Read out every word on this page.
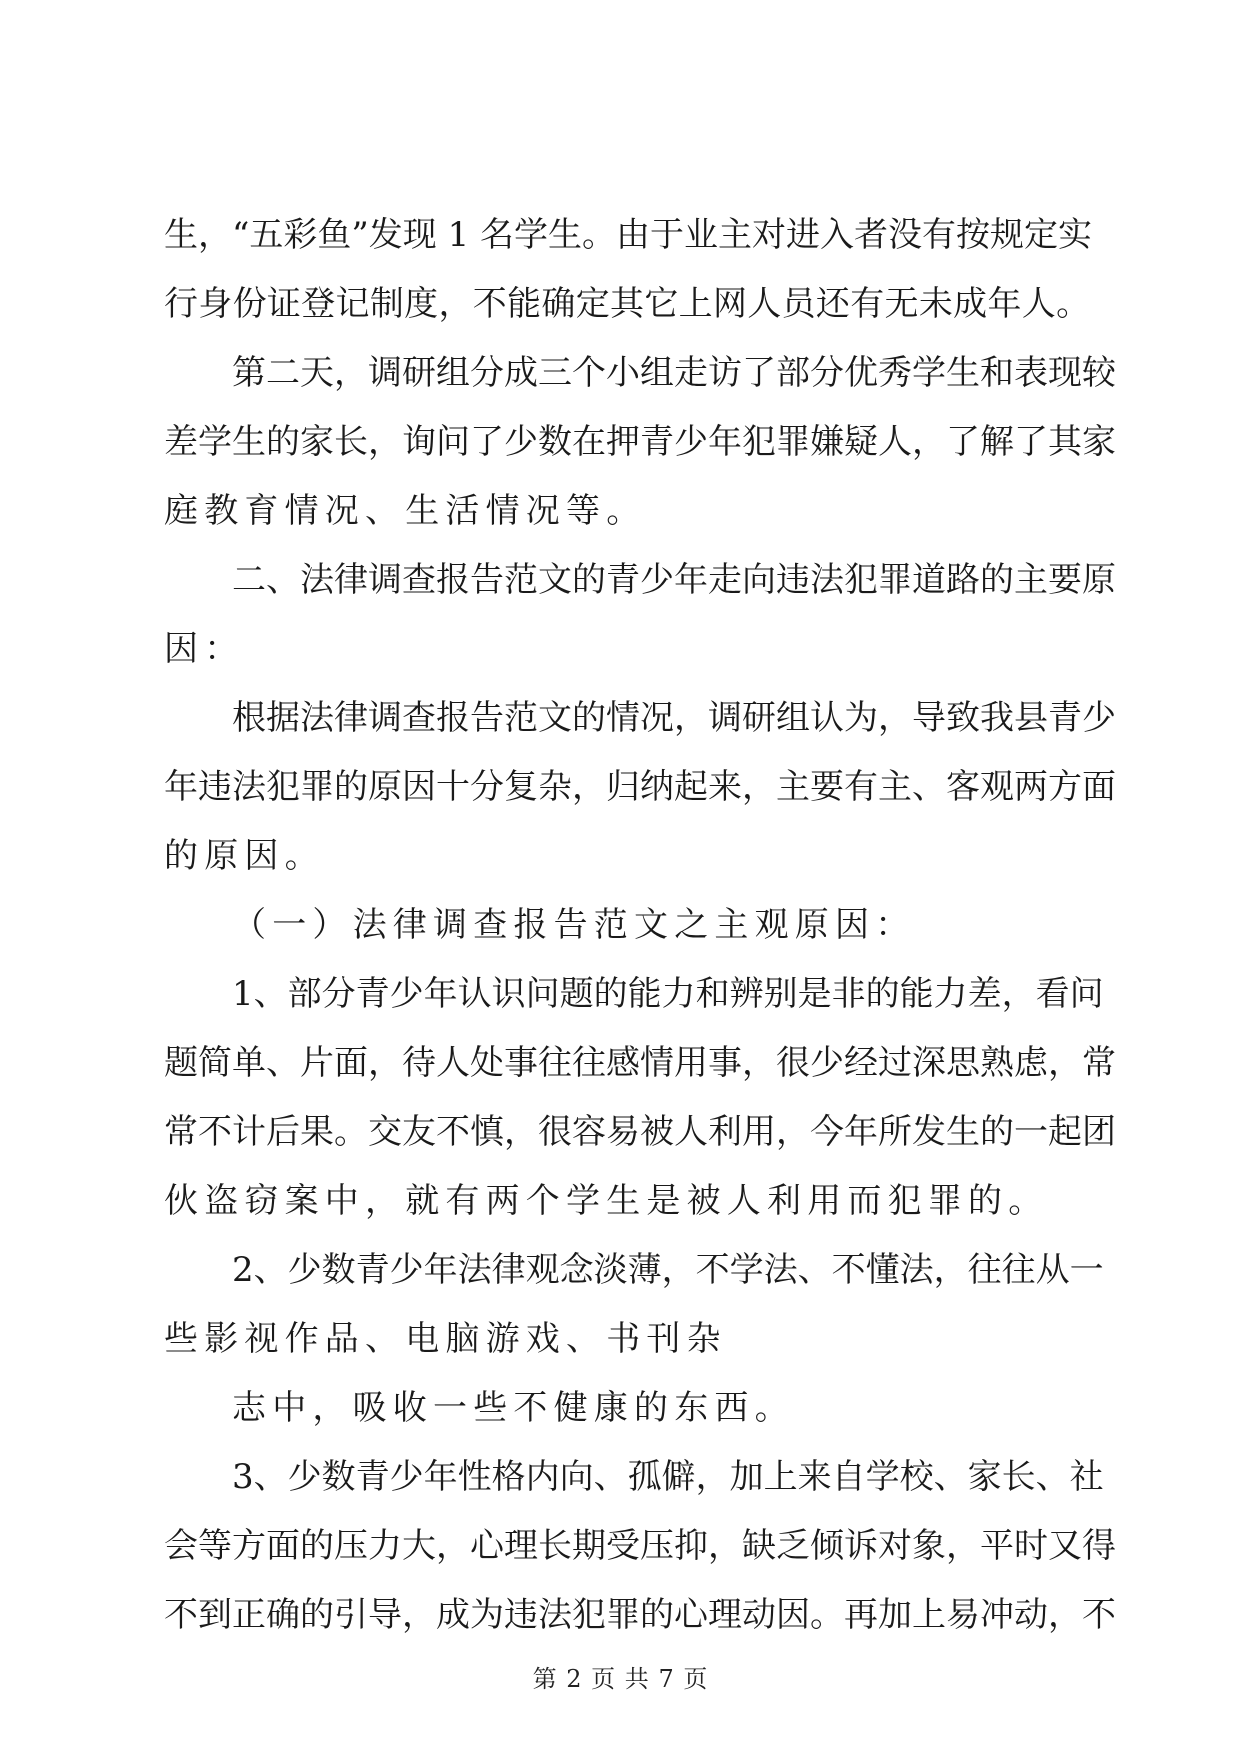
生，“五彩鱼”发现 1 名学生。由于业主对进入者没有按规定实
行身份证登记制度，不能确定其它上网人员还有无未成年人。
第二天，调研组分成三个小组走访了部分优秀学生和表现较
差学生的家长，询问了少数在押青少年犯罪嫌疑人，了解了其家
庭教育情况、生活情况等。
二、法律调查报告范文的青少年走向违法犯罪道路的主要原
因：
根据法律调查报告范文的情况，调研组认为，导致我县青少
年违法犯罪的原因十分复杂，归纳起来，主要有主、客观两方面
的原因。
（一）法律调查报告范文之主观原因：
1、部分青少年认识问题的能力和辨别是非的能力差，看问
题简单、片面，待人处事往往感情用事，很少经过深思熟虑，常
常不计后果。交友不慎，很容易被人利用，今年所发生的一起团
伙盗窃案中，就有两个学生是被人利用而犯罪的。
2、少数青少年法律观念淡薄，不学法、不懂法，往往从一
些影视作品、电脑游戏、书刊杂
志中，吸收一些不健康的东西。
3、少数青少年性格内向、孤僻，加上来自学校、家长、社
会等方面的压力大，心理长期受压抑，缺乏倾诉对象，平时又得
不到正确的引导，成为违法犯罪的心理动因。再加上易冲动，不
第 2 页 共 7 页
